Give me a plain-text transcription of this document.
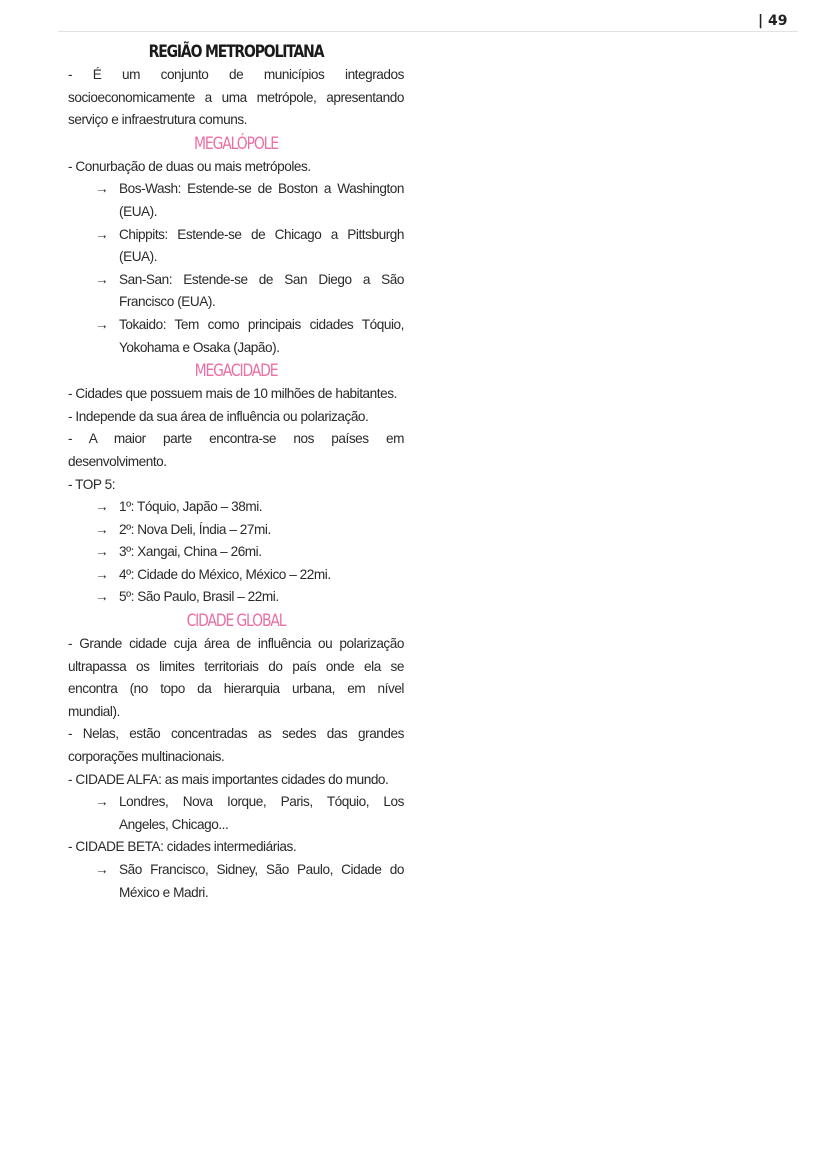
| 49
REGIÃO METROPOLITANA
- É um conjunto de municípios integrados
socioeconomicamente a uma metrópole, apresentando
serviço e infraestrutura comuns.
MEGALÓPOLE
- Conurbação de duas ou mais metrópoles.
→ Bos-Wash: Estende-se de Boston a Washington
(EUA).
→ Chippits: Estende-se de Chicago a Pittsburgh
(EUA).
→ San-San: Estende-se de San Diego a São
Francisco (EUA).
→ Tokaido: Tem como principais cidades Tóquio,
Yokohama e Osaka (Japão).
MEGACIDADE
- Cidades que possuem mais de 10 milhões de habitantes.
- Independe da sua área de influência ou polarização.
- A maior parte encontra-se nos países em
desenvolvimento.
- TOP 5:
→ 1º: Tóquio, Japão – 38mi.
→ 2º: Nova Deli, Índia – 27mi.
→ 3º: Xangai, China – 26mi.
→ 4º: Cidade do México, México – 22mi.
→ 5º: São Paulo, Brasil – 22mi.
CIDADE GLOBAL
- Grande cidade cuja área de influência ou polarização
ultrapassa os limites territoriais do país onde ela se
encontra (no topo da hierarquia urbana, em nível
mundial).
- Nelas, estão concentradas as sedes das grandes
corporações multinacionais.
- CIDADE ALFA: as mais importantes cidades do mundo.
→ Londres, Nova Iorque, Paris, Tóquio, Los
Angeles, Chicago...
- CIDADE BETA: cidades intermediárias.
→ São Francisco, Sidney, São Paulo, Cidade do
México e Madri.
